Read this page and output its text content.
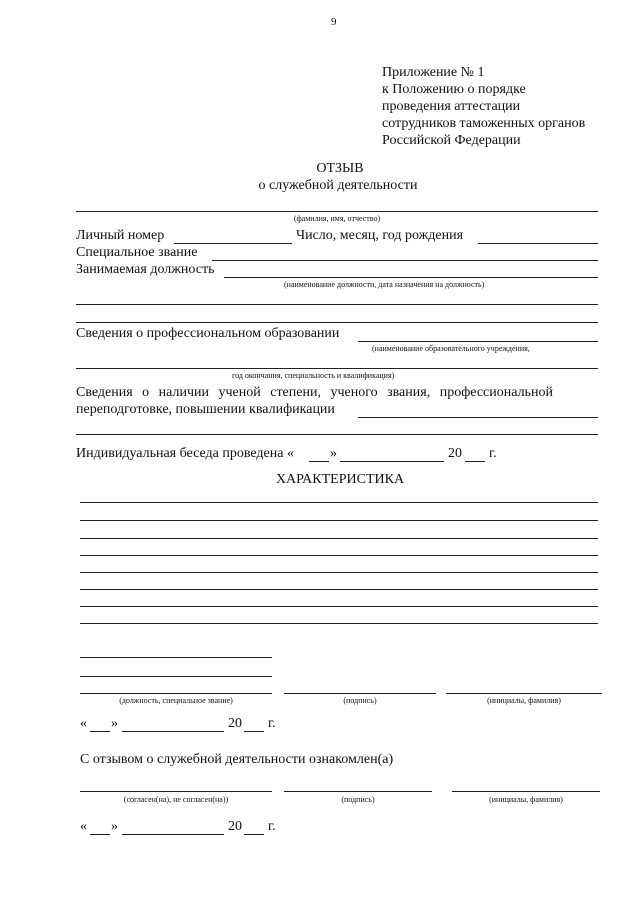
9
Приложение № 1
к Положению о порядке
проведения аттестации
сотрудников таможенных органов
Российской Федерации
ОТЗЫВ
о служебной деятельности
(фамилия, имя, отчество)
Личный номер	Число, месяц, год рождения
Специальное звание
Занимаемая должность
(наименование должности, дата назначения на должность)
Сведения о профессиональном образовании
(наименование образовательного учреждения,
год окончания, специальность и квалификация)
Сведения о наличии ученой степени, ученого звания, профессиональной
переподготовке, повышении квалификации
Индивидуальная беседа проведена «	»	20 г.
ХАРАКТЕРИСТИКА
(должность, специальное звание)	(подпись)	(инициалы, фамилия)
« »	20 г.
С отзывом о служебной деятельности ознакомлен(а)
(согласен(на), не согласен(на))	(подпись)	(инициалы, фамилия)
« »	20 г.
